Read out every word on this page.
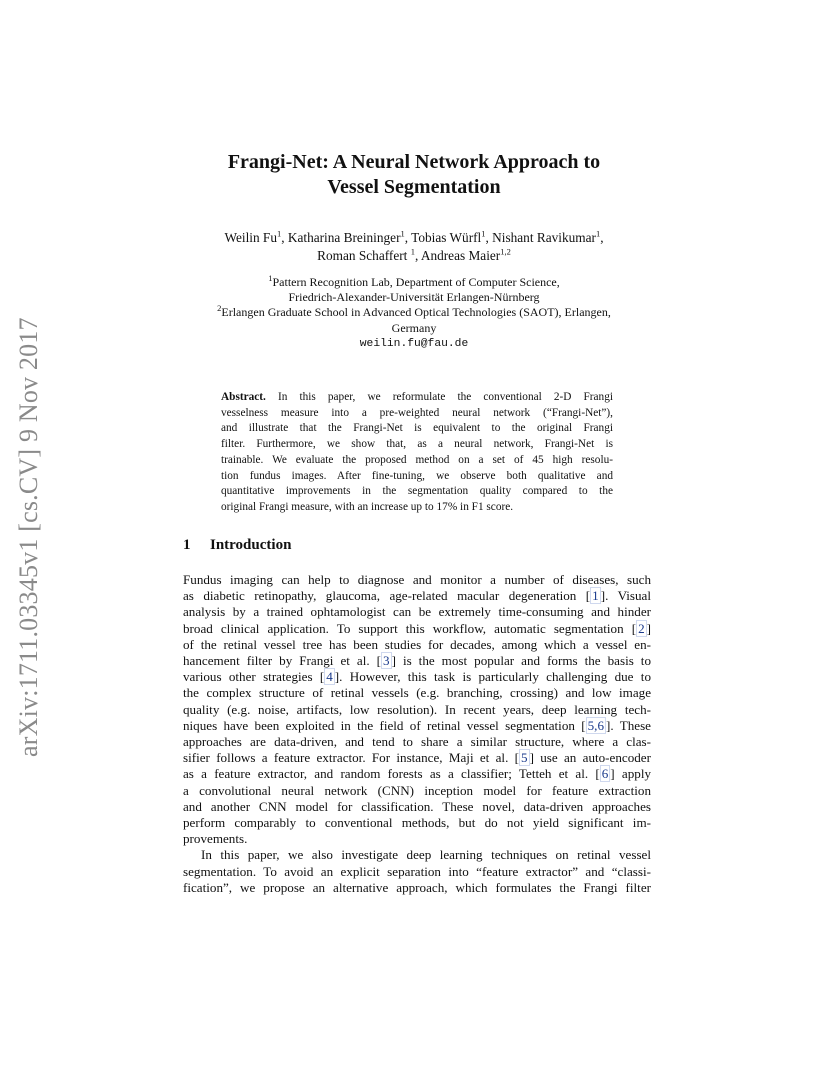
arXiv:1711.03345v1 [cs.CV] 9 Nov 2017
Frangi-Net: A Neural Network Approach to
Vessel Segmentation
Weilin Fu$^1$, Katharina Breininger$^1$, Tobias Würfl$^1$, Nishant Ravikumar$^1$,
Roman Schaffert $^1$, Andreas Maier$^{1,2}$
$^1$Pattern Recognition Lab, Department of Computer Science,
Friedrich-Alexander-Universität Erlangen-Nürnberg
$^2$Erlangen Graduate School in Advanced Optical Technologies (SAOT), Erlangen,
Germany
weilin.fu@fau.de
Abstract. In this paper, we reformulate the conventional 2-D Frangi
vesselness measure into a pre-weighted neural network (“Frangi-Net”),
and illustrate that the Frangi-Net is equivalent to the original Frangi
filter. Furthermore, we show that, as a neural network, Frangi-Net is
trainable. We evaluate the proposed method on a set of 45 high resolu-
tion fundus images. After fine-tuning, we observe both qualitative and
quantitative improvements in the segmentation quality compared to the
original Frangi measure, with an increase up to 17% in F1 score.
1 Introduction
Fundus imaging can help to diagnose and monitor a number of diseases, such
as diabetic retinopathy, glaucoma, age-related macular degeneration [ 1 ]. Visual
analysis by a trained ophtamologist can be extremely time-consuming and hinder
broad clinical application. To support this workflow, automatic segmentation [ 2 ]
of the retinal vessel tree has been studies for decades, among which a vessel en-
hancement filter by Frangi et al. [ 3 ] is the most popular and forms the basis to
various other strategies [ 4 ]. However, this task is particularly challenging due to
the complex structure of retinal vessels (e.g. branching, crossing) and low image
quality (e.g. noise, artifacts, low resolution). In recent years, deep learning tech-
niques have been exploited in the field of retinal vessel segmentation [ 5,6 ]. These
approaches are data-driven, and tend to share a similar structure, where a clas-
sifier follows a feature extractor. For instance, Maji et al. [ 5 ] use an auto-encoder
as a feature extractor, and random forests as a classifier; Tetteh et al. [ 6 ] apply
a convolutional neural network (CNN) inception model for feature extraction
and another CNN model for classification. These novel, data-driven approaches
perform comparably to conventional methods, but do not yield significant im-
provements.
In this paper, we also investigate deep learning techniques on retinal vessel
segmentation. To avoid an explicit separation into “feature extractor” and “classi-
fication”, we propose an alternative approach, which formulates the Frangi filter
